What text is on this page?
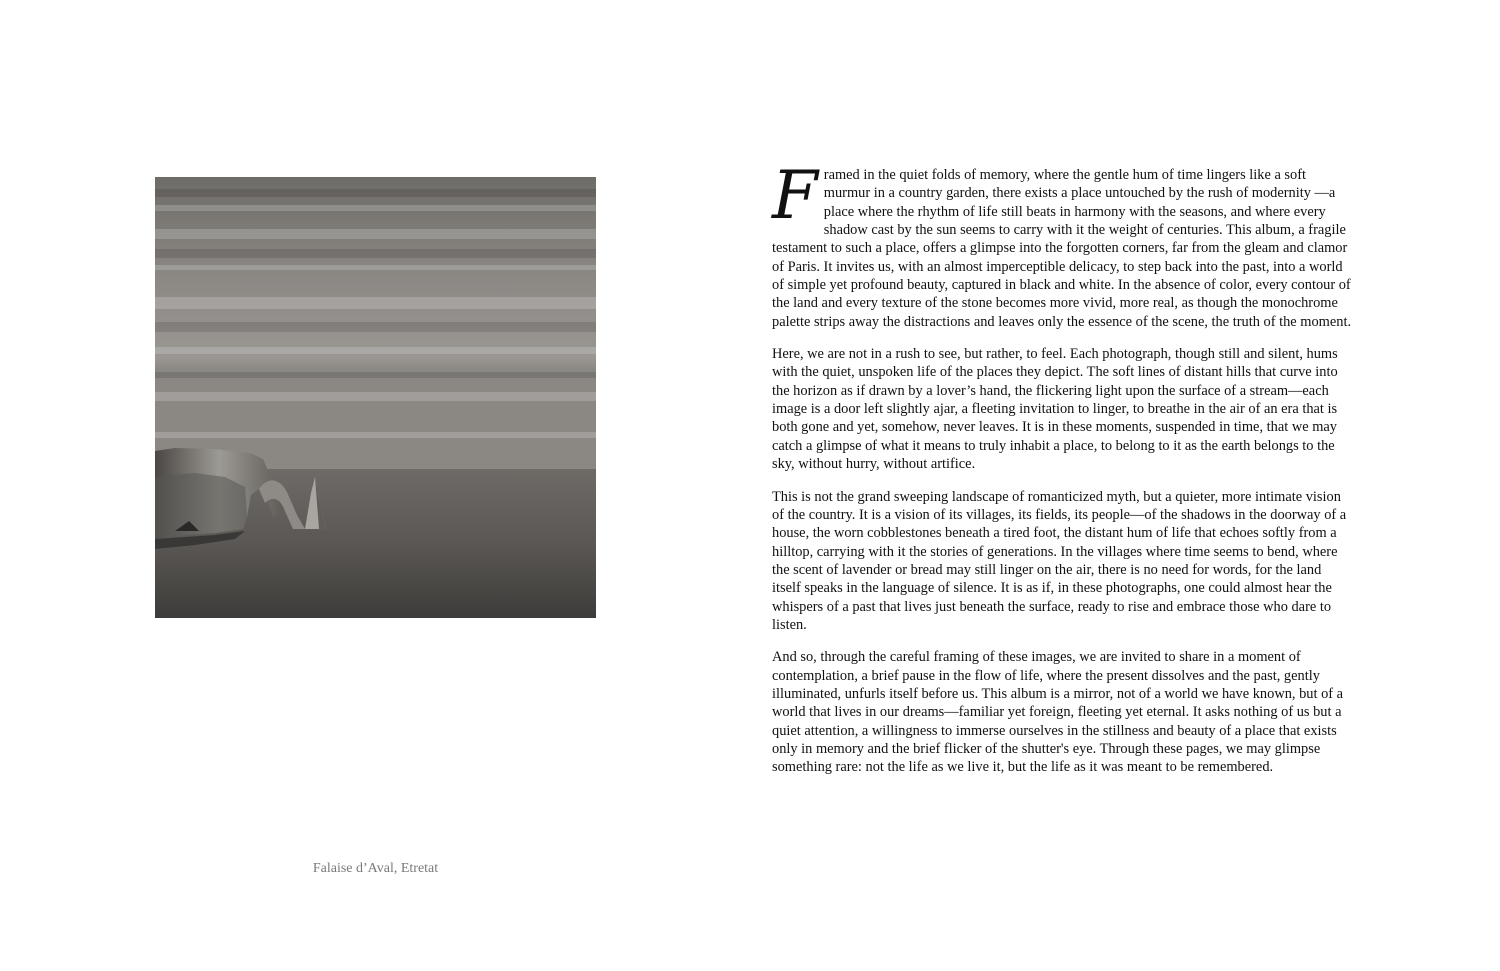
Falaise d’Aval, Etretat

Framed in the quiet folds of memory, where the gentle hum of time lingers like a soft murmur in a country garden, there exists a place untouched by the rush of modernity —a place where the rhythm of life still beats in harmony with the seasons, and where every shadow cast by the sun seems to carry with it the weight of centuries. This album, a fragile testament to such a place, offers a glimpse into the forgotten corners, far from the gleam and clamor of Paris. It invites us, with an almost imperceptible delicacy, to step back into the past, into a world of simple yet profound beauty, captured in black and white. In the absence of color, every contour of the land and every texture of the stone becomes more vivid, more real, as though the monochrome palette strips away the distractions and leaves only the essence of the scene, the truth of the moment.

Here, we are not in a rush to see, but rather, to feel. Each photograph, though still and silent, hums with the quiet, unspoken life of the places they depict. The soft lines of distant hills that curve into the horizon as if drawn by a lover’s hand, the flickering light upon the surface of a stream—each image is a door left slightly ajar, a fleeting invitation to linger, to breathe in the air of an era that is both gone and yet, somehow, never leaves. It is in these moments, suspended in time, that we may catch a glimpse of what it means to truly inhabit a place, to belong to it as the earth belongs to the sky, without hurry, without artifice.

This is not the grand sweeping landscape of romanticized myth, but a quieter, more intimate vision of the country. It is a vision of its villages, its fields, its people—of the shadows in the doorway of a house, the worn cobblestones beneath a tired foot, the distant hum of life that echoes softly from a hilltop, carrying with it the stories of generations. In the villages where time seems to bend, where the scent of lavender or bread may still linger on the air, there is no need for words, for the land itself speaks in the language of silence. It is as if, in these photographs, one could almost hear the whispers of a past that lives just beneath the surface, ready to rise and embrace those who dare to listen.

And so, through the careful framing of these images, we are invited to share in a moment of contemplation, a brief pause in the flow of life, where the present dissolves and the past, gently illuminated, unfurls itself before us. This album is a mirror, not of a world we have known, but of a world that lives in our dreams—familiar yet foreign, fleeting yet eternal. It asks nothing of us but a quiet attention, a willingness to immerse ourselves in the stillness and beauty of a place that exists only in memory and the brief flicker of the shutter's eye. Through these pages, we may glimpse something rare: not the life as we live it, but the life as it was meant to be remembered.
